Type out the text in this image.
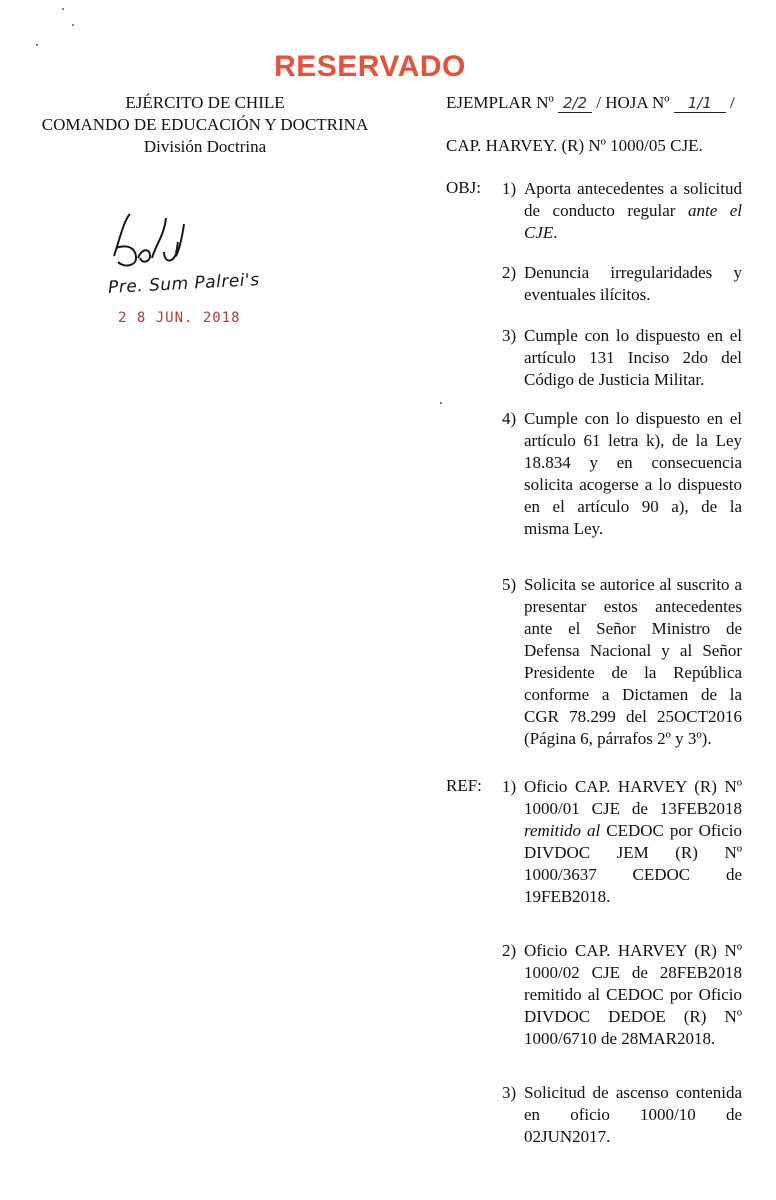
RESERVADO
EJÉRCITO DE CHILE
COMANDO DE EDUCACIÓN Y DOCTRINA
División Doctrina
EJEMPLAR Nº 2/2 / HOJA Nº 1/1 /
CAP. HARVEY. (R) Nº 1000/05 CJE.
Pre. Sum Palrei's
2 8 JUN. 2018
OBJ: 1) Aporta antecedentes a solicitud de conducto regular ante el CJE.
2) Denuncia irregularidades y eventuales ilícitos.
3) Cumple con lo dispuesto en el artículo 131 Inciso 2do del Código de Justicia Militar.
4) Cumple con lo dispuesto en el artículo 61 letra k), de la Ley 18.834 y en consecuencia solicita acogerse a lo dispuesto en el artículo 90 a), de la misma Ley.
5) Solicita se autorice al suscrito a presentar estos antecedentes ante el Señor Ministro de Defensa Nacional y al Señor Presidente de la República conforme a Dictamen de la CGR 78.299 del 25OCT2016 (Página 6, párrafos 2º y 3º).
REF: 1) Oficio CAP. HARVEY (R) Nº 1000/01 CJE de 13FEB2018 remitido al CEDOC por Oficio DIVDOC JEM (R) Nº 1000/3637 CEDOC de 19FEB2018.
2) Oficio CAP. HARVEY (R) Nº 1000/02 CJE de 28FEB2018 remitido al CEDOC por Oficio DIVDOC DEDOE (R) Nº 1000/6710 de 28MAR2018.
3) Solicitud de ascenso contenida en oficio 1000/10 de 02JUN2017.
